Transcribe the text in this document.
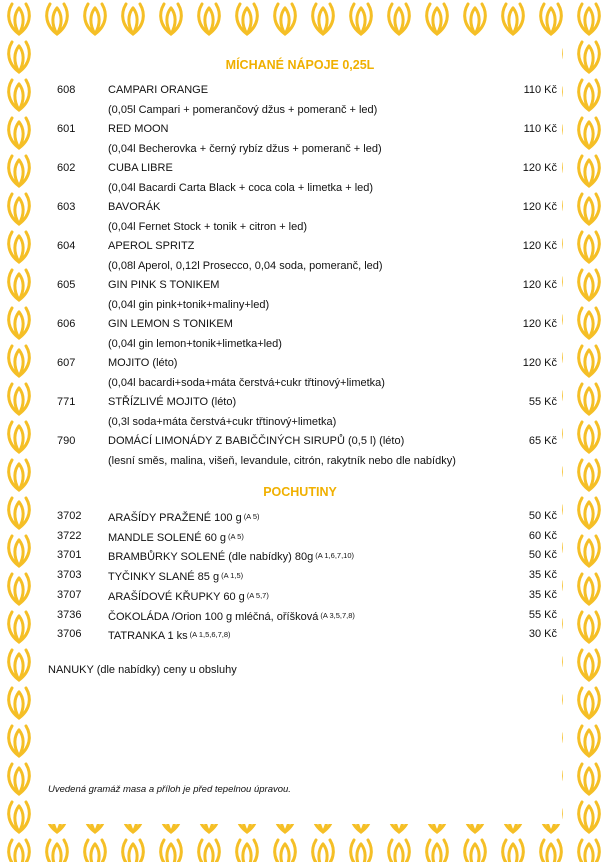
MÍCHANÉ NÁPOJE 0,25L
608	CAMPARI ORANGE	110 Kč
(0,05l Campari + pomerančový džus + pomeranč + led)
601	RED MOON	110 Kč
(0,04l Becherovka + černý rybíz džus + pomeranč + led)
602	CUBA LIBRE	120 Kč
(0,04l Bacardi Carta Black + coca cola + limetka + led)
603	BAVORÁK	120 Kč
(0,04l Fernet Stock + tonik + citron + led)
604	APEROL SPRITZ	120 Kč
(0,08l Aperol, 0,12l Prosecco, 0,04 soda, pomeranč, led)
605	GIN PINK S TONIKEM	120 Kč
(0,04l gin pink+tonik+maliny+led)
606	GIN LEMON S TONIKEM	120 Kč
(0,04l gin lemon+tonik+limetka+led)
607	MOJITO (léto)	120 Kč
(0,04l bacardi+soda+máta čerstvá+cukr třtinový+limetka)
771	STŘÍZLIVÉ MOJITO (léto)	55 Kč
(0,3l soda+máta čerstvá+cukr třtinový+limetka)
790	DOMÁCÍ LIMONÁDY Z BABIČČINÝCH SIRUPŮ (0,5 l) (léto)	65 Kč
(lesní směs, malina, višeň, levandule, citrón, rakytník nebo dle nabídky)
POCHUTINY
3702 ARAŠÍDY PRAŽENÉ 100 g (A 5)	50 Kč
3722 MANDLE SOLENÉ 60 g (A 5)	60 Kč
3701 BRAMBŮRKY SOLENÉ (dle nabídky) 80g (A 1,6,7,10)	50 Kč
3703 TYČINKY SLANÉ 85 g (A 1,5)	35 Kč
3707 ARAŠÍDOVÉ KŘUPKY 60 g (A 5,7)	35 Kč
3736 ČOKOLÁDA /Orion 100 g mléčná, oříšková (A 3,5,7,8)	55 Kč
3706 TATRANKA 1 ks (A 1,5,6,7,8)	30 Kč
NANUKY (dle nabídky) ceny u obsluhy
Uvedená gramáž masa a příloh je před tepelnou úpravou.
